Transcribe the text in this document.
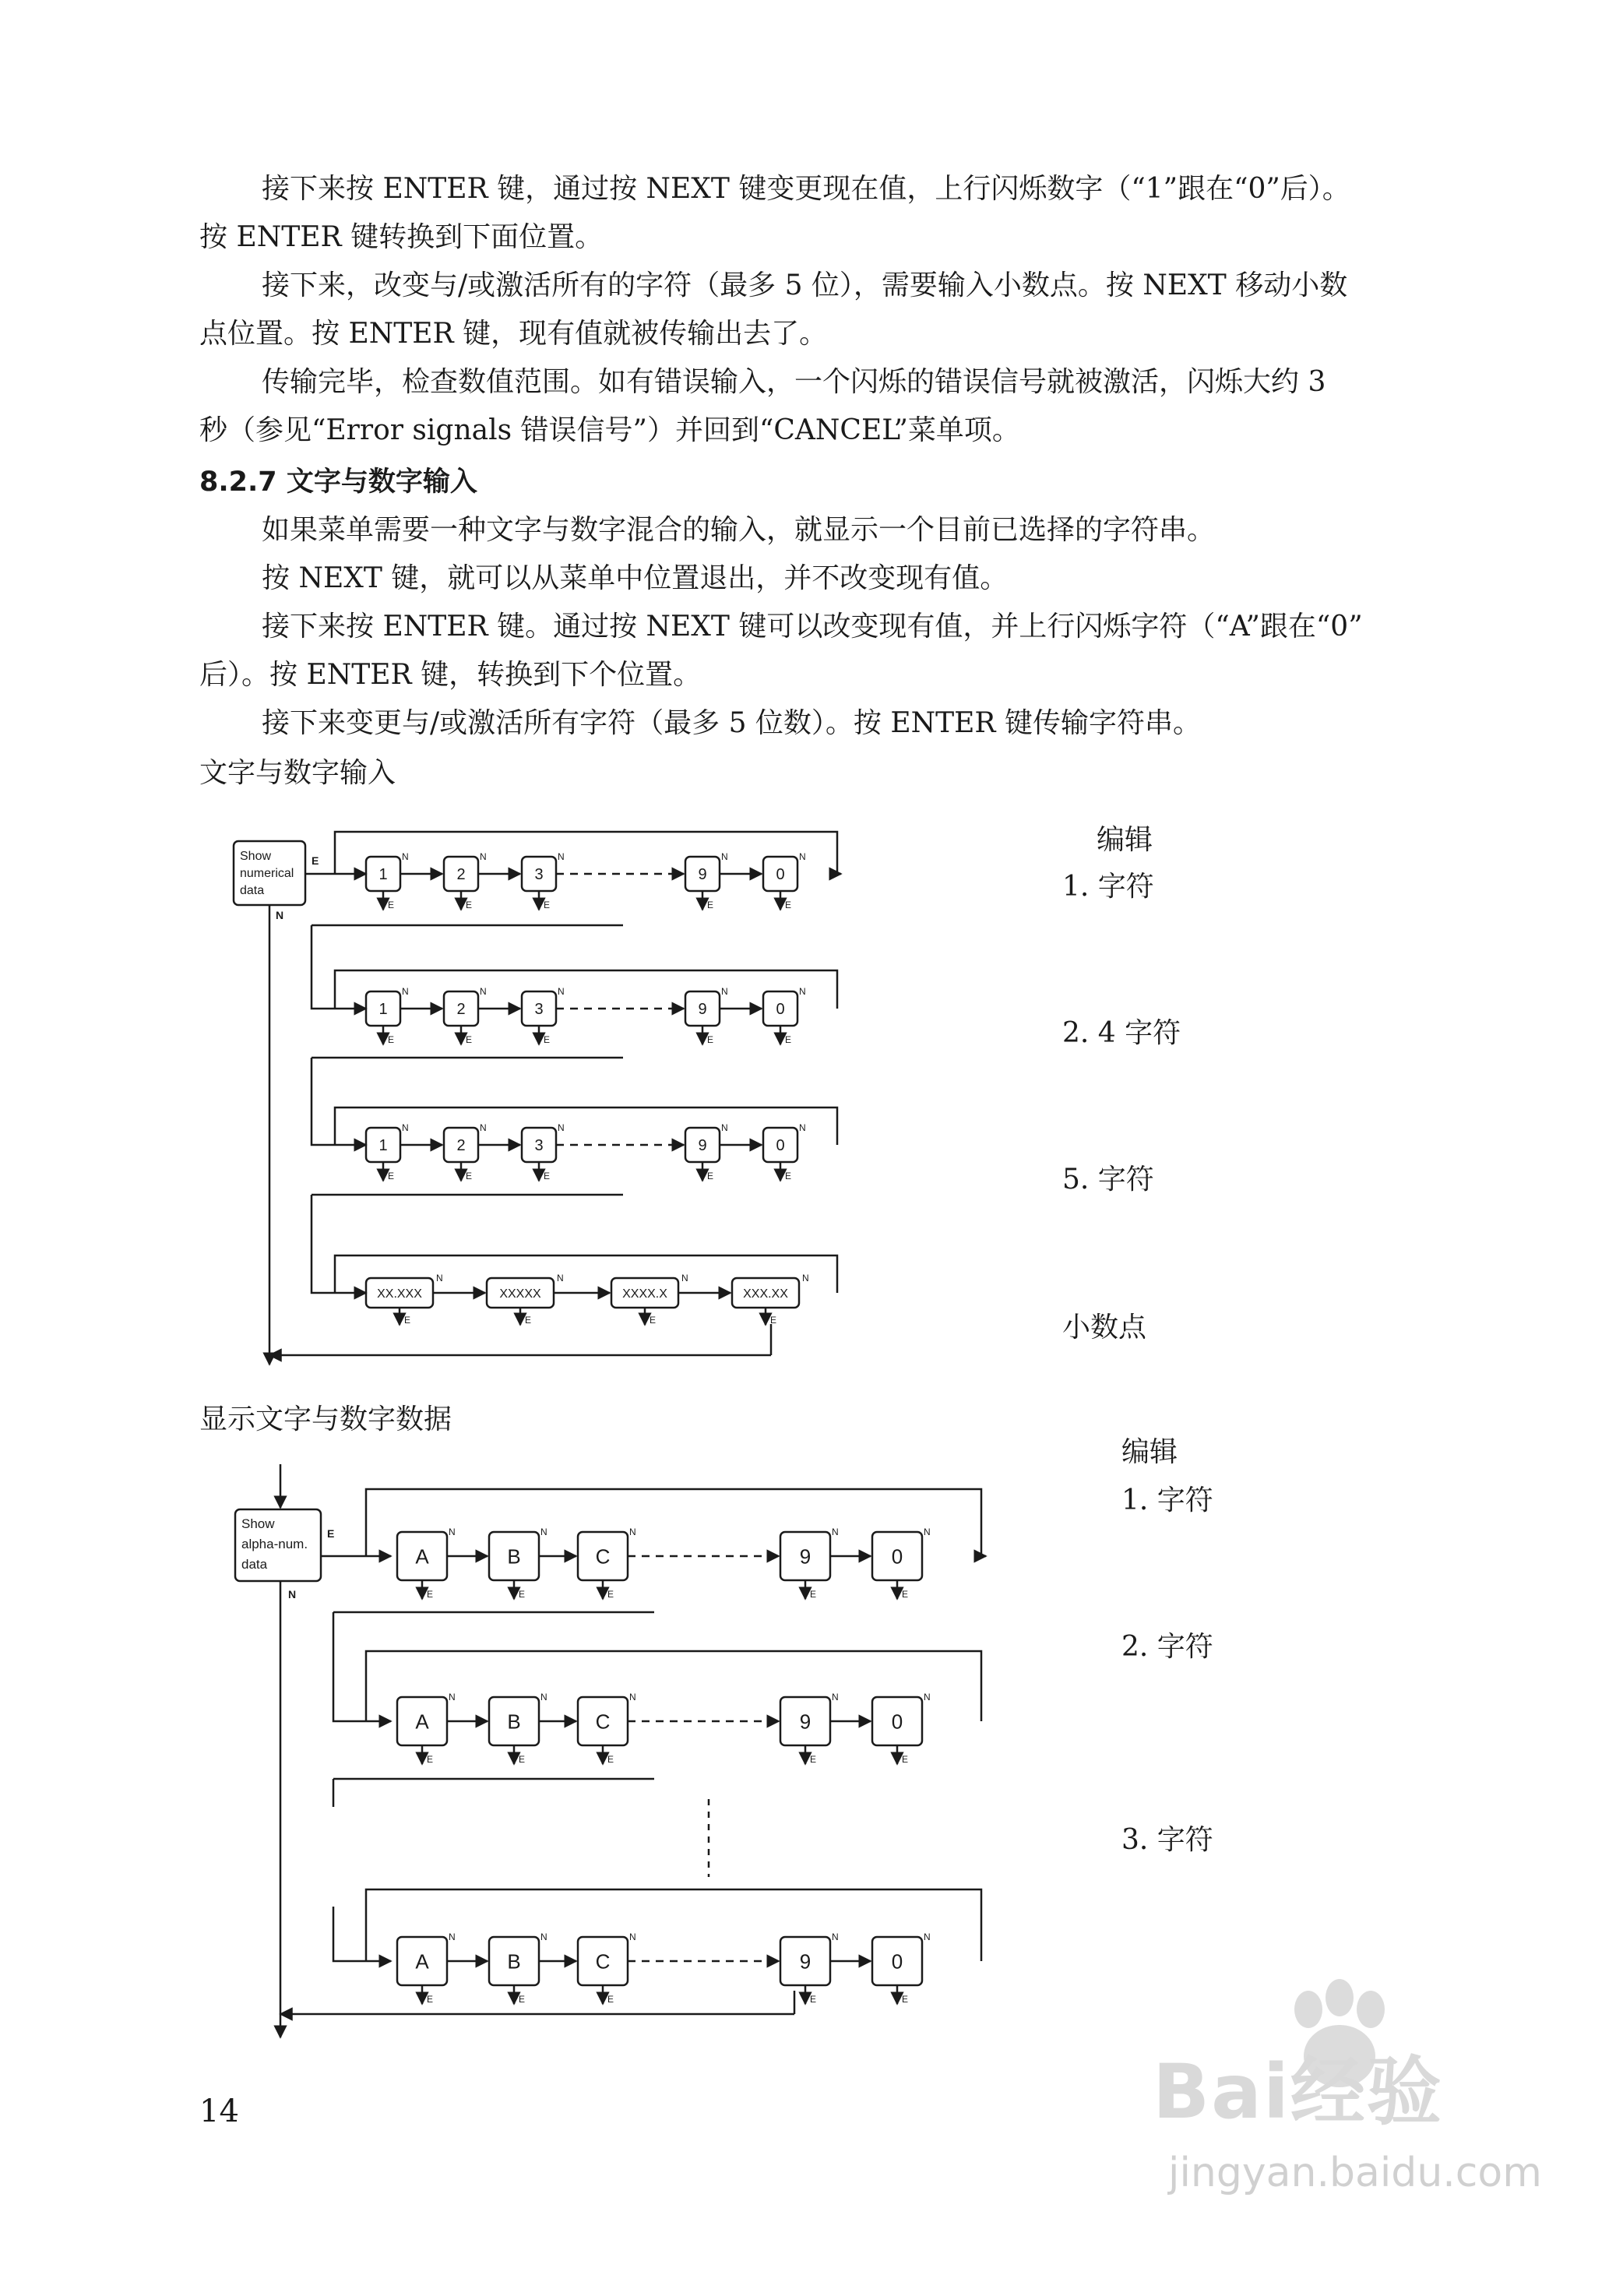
接下来按 ENTER 键，通过按 NEXT 键变更现在值，上行闪烁数字（“1”跟在“0”后）。
按 ENTER 键转换到下面位置。
接下来，改变与/或激活所有的字符（最多 5 位），需要输入小数点。按 NEXT 移动小数
点位置。按 ENTER 键，现有值就被传输出去了。
传输完毕，检查数值范围。如有错误输入，一个闪烁的错误信号就被激活，闪烁大约 3
秒（参见“Error signals 错误信号”）并回到“CANCEL”菜单项。
8.2.7 文字与数字输入
如果菜单需要一种文字与数字混合的输入，就显示一个目前已选择的字符串。
按 NEXT 键，就可以从菜单中位置退出，并不改变现有值。
接下来按 ENTER 键。通过按 NEXT 键可以改变现有值，并上行闪烁字符（“A”跟在“0”
后）。按 ENTER 键，转换到下个位置。
接下来变更与/或激活所有字符（最多 5 位数）。按 ENTER 键传输字符串。
文字与数字输入
Show
numerical
data
E
N
1
N
E
2
N
E
3
N
E
9
N
E
0
N
E
1
N
E
2
N
E
3
N
E
9
N
E
0
N
E
1
N
E
2
N
E
3
N
E
9
N
E
0
N
E
XX.XXX
N
E
XXXXX
N
E
XXXX.X
N
E
XXX.XX
N
E
编辑
1. 字符
2. 4 字符
5. 字符
小数点
显示文字与数字数据
Show
alpha-num.
data
E
N
A
N
E
B
N
E
C
N
E
9
N
E
0
N
E
A
N
E
B
N
E
C
N
E
9
N
E
0
N
E
A
N
E
B
N
E
C
N
E
9
N
E
0
N
E
编辑
1. 字符
2. 字符
3. 字符
14	Bai经验
jingyan.baidu.com
